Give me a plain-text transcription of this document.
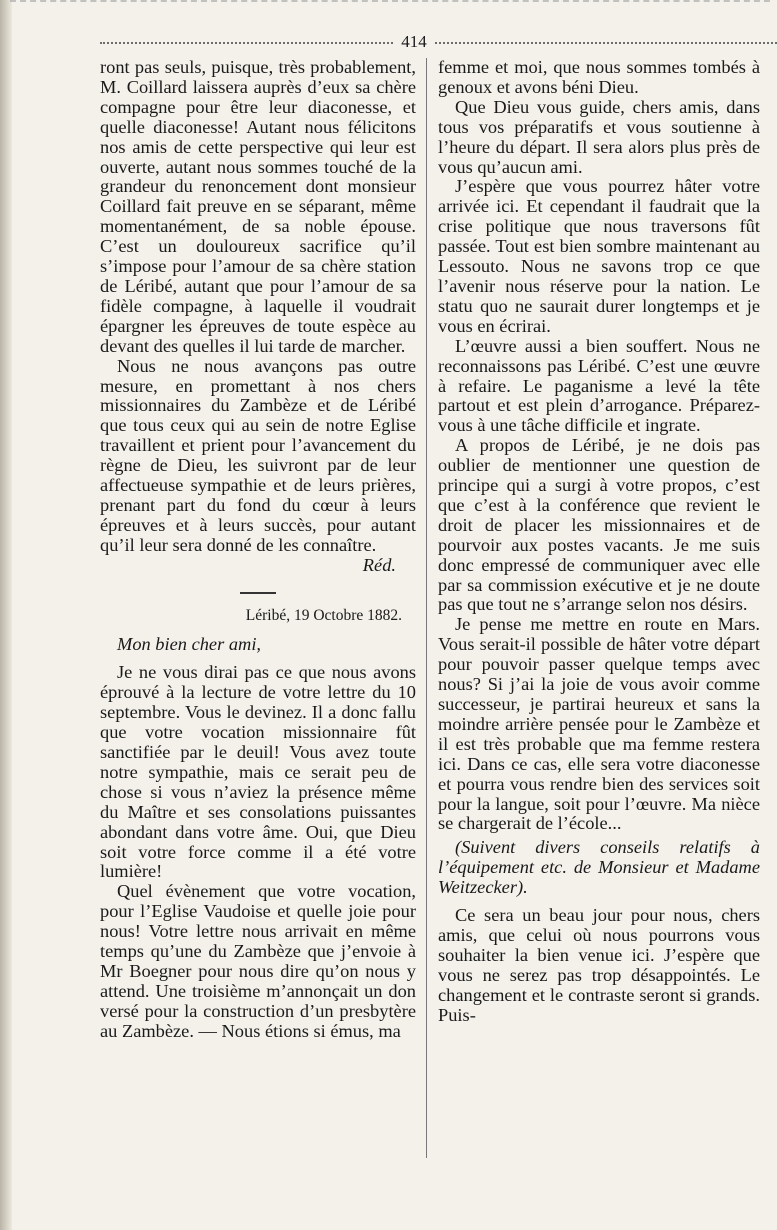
414

ront pas seuls, puisque, très probablement, M. Coillard laissera auprès d’eux sa chère compagne pour être leur diaconesse, et quelle diaconesse! Autant nous félicitons nos amis de cette perspective qui leur est ouverte, autant nous sommes touché de la grandeur du renoncement dont monsieur Coillard fait preuve en se séparant, même momentanément, de sa noble épouse. C’est un douloureux sacrifice qu’il s’impose pour l’amour de sa chère station de Léribé, autant que pour l’amour de sa fidèle compagne, à laquelle il voudrait épargner les épreuves de toute espèce au devant des quelles il lui tarde de marcher.

Nous ne nous avançons pas outre mesure, en promettant à nos chers missionnaires du Zambèze et de Léribé que tous ceux qui au sein de notre Eglise travaillent et prient pour l’avancement du règne de Dieu, les suivront par de leur affectueuse sympathie et de leurs prières, prenant part du fond du cœur à leurs épreuves et à leurs succès, pour autant qu’il leur sera donné de les connaître.

Réd.
Léribé, 19 Octobre 1882.
Mon bien cher ami,

Je ne vous dirai pas ce que nous avons éprouvé à la lecture de votre lettre du 10 septembre. Vous le devinez. Il a donc fallu que votre vocation missionnaire fût sanctifiée par le deuil! Vous avez toute notre sympathie, mais ce serait peu de chose si vous n’aviez la présence même du Maître et ses consolations puissantes abondant dans votre âme. Oui, que Dieu soit votre force comme il a été votre lumière!

Quel évènement que votre vocation, pour l’Eglise Vaudoise et quelle joie pour nous! Votre lettre nous arrivait en même temps qu’une du Zambèze que j’envoie à Mr Boegner pour nous dire qu’on nous y attend. Une troisième m’annonçait un don versé pour la construction d’un presbytère au Zambèze. — Nous étions si émus, ma

femme et moi, que nous sommes tombés à genoux et avons béni Dieu.

Que Dieu vous guide, chers amis, dans tous vos préparatifs et vous soutienne à l’heure du départ. Il sera alors plus près de vous qu’aucun ami.

J’espère que vous pourrez hâter votre arrivée ici. Et cependant il faudrait que la crise politique que nous traversons fût passée. Tout est bien sombre maintenant au Lessouto. Nous ne savons trop ce que l’avenir nous réserve pour la nation. Le statu quo ne saurait durer longtemps et je vous en écrirai.

L’œuvre aussi a bien souffert. Nous ne reconnaissons pas Léribé. C’est une œuvre à refaire. Le paganisme a levé la tête partout et est plein d’arrogance. Préparez-vous à une tâche difficile et ingrate.

A propos de Léribé, je ne dois pas oublier de mentionner une question de principe qui a surgi à votre propos, c’est que c’est à la conférence que revient le droit de placer les missionnaires et de pourvoir aux postes vacants. Je me suis donc empressé de communiquer avec elle par sa commission exécutive et je ne doute pas que tout ne s’arrange selon nos désirs.

Je pense me mettre en route en Mars. Vous serait-il possible de hâter votre départ pour pouvoir passer quelque temps avec nous? Si j’ai la joie de vous avoir comme successeur, je partirai heureux et sans la moindre arrière pensée pour le Zambèze et il est très probable que ma femme restera ici. Dans ce cas, elle sera votre diaconesse et pourra vous rendre bien des services soit pour la langue, soit pour l’œuvre. Ma nièce se chargerait de l’école...

(Suivent divers conseils relatifs à l’équipement etc. de Monsieur et Madame Weitzecker).

Ce sera un beau jour pour nous, chers amis, que celui où nous pourrons vous souhaiter la bien venue ici. J’espère que vous ne serez pas trop désappointés. Le changement et le contraste seront si grands. Puis-
